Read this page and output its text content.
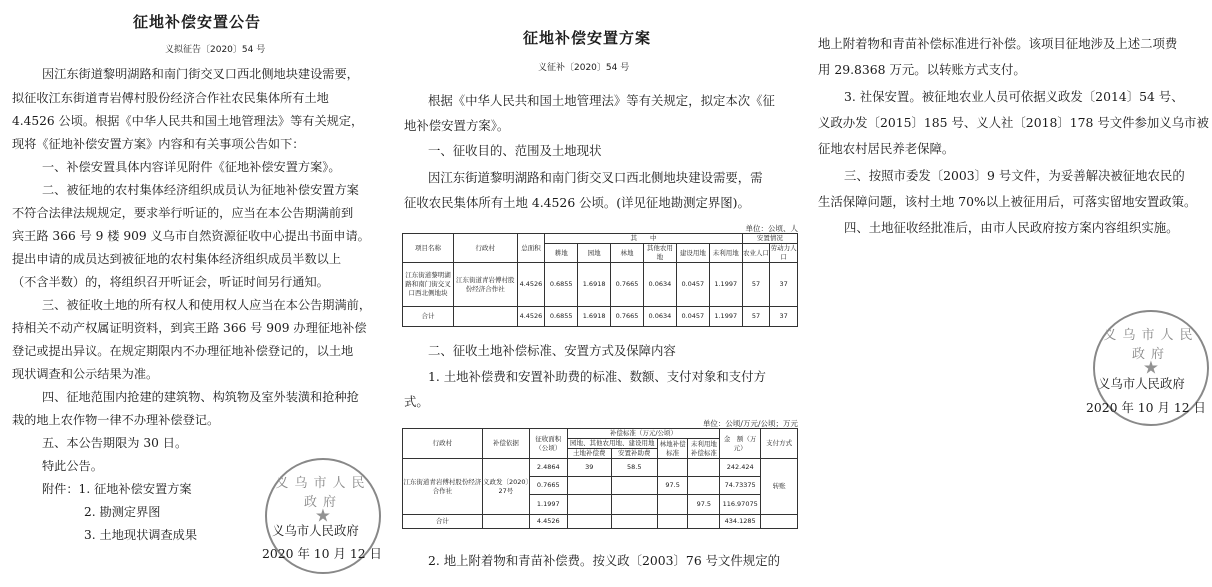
征地补偿安置公告
义拟征告〔2020〕54 号
因江东街道黎明湖路和南门街交叉口西北侧地块建设需要，
拟征收江东街道青岩傅村股份经济合作社农民集体所有土地
4.4526 公顷。根据《中华人民共和国土地管理法》等有关规定，
现将《征地补偿安置方案》内容和有关事项公告如下：
一、补偿安置具体内容详见附件《征地补偿安置方案》。
二、被征地的农村集体经济组织成员认为征地补偿安置方案
不符合法律法规规定，要求举行听证的，应当在本公告期满前到
宾王路 366 号 9 楼 909 义乌市自然资源征收中心提出书面申请。
提出申请的成员达到被征地的农村集体经济组织成员半数以上
（不含半数）的，将组织召开听证会，听证时间另行通知。
三、被征收土地的所有权人和使用权人应当在本公告期满前，
持相关不动产权属证明资料，到宾王路 366 号 909 办理征地补偿
登记或提出异议。在规定期限内不办理征地补偿登记的，以土地
现状调查和公示结果为准。
四、征地范围内抢建的建筑物、构筑物及室外装潢和抢种抢
栽的地上农作物一律不办理补偿登记。
五、本公告期限为 30 日。
特此公告。
附件：1. 征地补偿安置方案
2. 勘测定界图
3. 土地现状调查成果
义乌市人民政府
★
义乌市人民政府
2020 年 10 月 12 日
征地补偿安置方案
义征补〔2020〕54 号
根据《中华人民共和国土地管理法》等有关规定，拟定本次《征
地补偿安置方案》。
一、征收目的、范围及土地现状
因江东街道黎明湖路和南门街交叉口西北侧地块建设需要，需
征收农民集体所有土地 4.4526 公顷。(详见征地勘测定界图)。
单位：公顷、人
项目名称	行政村	总面积	其　　中						安置情况	
			耕地	园地	林地	其他农用地	建设用地	未利用地	农业人口	劳动力人口
江东街道黎明湖路和南门街交叉口西北侧地块	江东街道青岩傅村股份经济合作社	4.4526	0.6855	1.6918	0.7665	0.0634	0.0457	1.1997	57	37
合计		4.4526	0.6855	1.6918	0.7665	0.0634	0.0457	1.1997	57	37
二、征收土地补偿标准、安置方式及保障内容
1. 土地补偿费和安置补助费的标准、数额、支付对象和支付方
式。
单位：公顷/万元/公顷；万元
行政村	补偿依据	征收面积（公顷）	补偿标准（万元/公顷）				金　额（万元）	支付方式
			园地、其他农用地、建设用地		林地补偿标准	未利用地补偿标准		
			土地补偿费	安置补助费				
江东街道青岩傅村股份经济合作社	义政发〔2020〕27号	2.4864	39	58.5			242.424	转账
		0.7665			97.5		74.73375	
		1.1997				97.5	116.97075	
合计		4.4526					434.1285	
2. 地上附着物和青苗补偿费。按义政〔2003〕76 号文件规定的
地上附着物和青苗补偿标准进行补偿。该项目征地涉及上述二项费
用 29.8368 万元。以转账方式支付。
3. 社保安置。被征地农业人员可依据义政发〔2014〕54 号、
义政办发〔2015〕185 号、义人社〔2018〕178 号文件参加义乌市被
征地农村居民养老保障。
三、按照市委发〔2003〕9 号文件，为妥善解决被征地农民的
生活保障问题，该村土地 70%以上被征用后，可落实留地安置政策。
四、土地征收经批准后，由市人民政府按方案内容组织实施。
义乌市人民政府
★
义乌市人民政府
2020 年 10 月 12 日
